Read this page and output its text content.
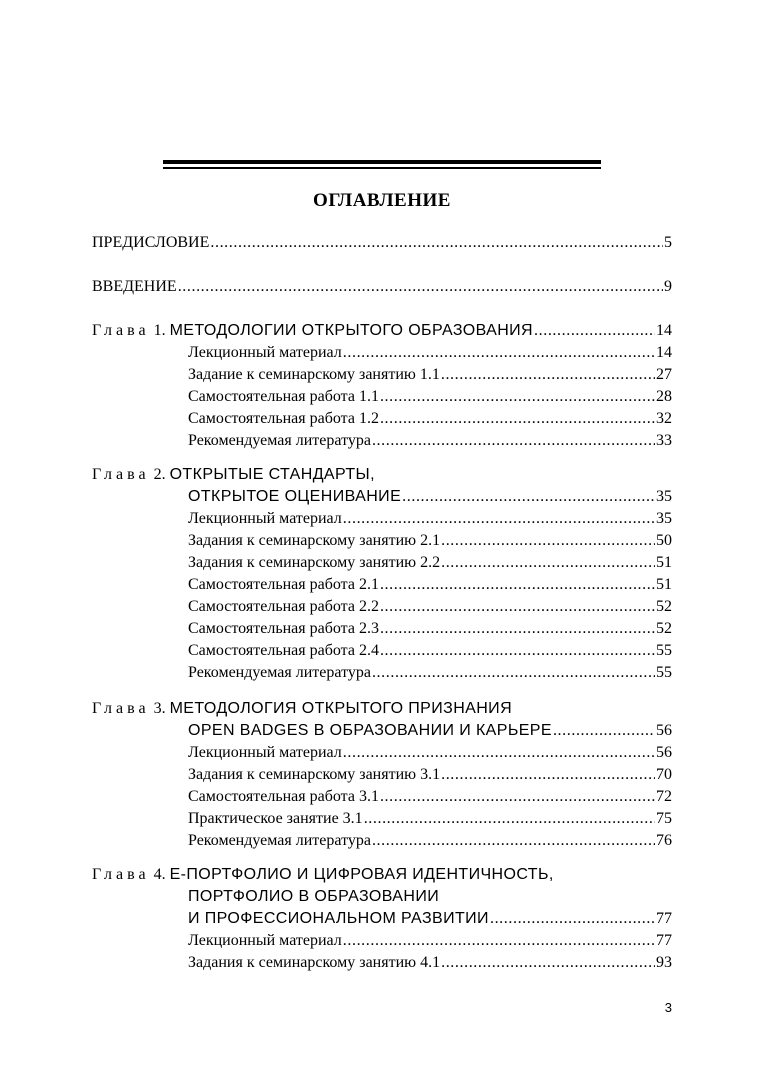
ОГЛАВЛЕНИЕ
ПРЕДИСЛОВИЕ .....	5
ВВЕДЕНИЕ .....	9
Глава 1. МЕТОДОЛОГИИ ОТКРЫТОГО ОБРАЗОВАНИЯ .....	14
Лекционный материал .....	14
Задание к семинарскому занятию 1.1 .....	27
Самостоятельная работа 1.1 .....	28
Самостоятельная работа 1.2 .....	32
Рекомендуемая литература .....	33
Глава 2. ОТКРЫТЫЕ СТАНДАРТЫ,
ОТКРЫТОЕ ОЦЕНИВАНИЕ .....	35
Лекционный материал .....	35
Задания к семинарскому занятию 2.1 .....	50
Задания к семинарскому занятию 2.2 .....	51
Самостоятельная работа 2.1 .....	51
Самостоятельная работа 2.2 .....	52
Самостоятельная работа 2.3 .....	52
Самостоятельная работа 2.4 .....	55
Рекомендуемая литература .....	55
Глава 3. МЕТОДОЛОГИЯ ОТКРЫТОГО ПРИЗНАНИЯ
OPEN BADGES В ОБРАЗОВАНИИ И КАРЬЕРЕ .....	56
Лекционный материал .....	56
Задания к семинарскому занятию 3.1 .....	70
Самостоятельная работа 3.1 .....	72
Практическое занятие 3.1 .....	75
Рекомендуемая литература .....	76
Глава 4. E-ПОРТФОЛИО И ЦИФРОВАЯ ИДЕНТИЧНОСТЬ,
ПОРТФОЛИО В ОБРАЗОВАНИИ
И ПРОФЕССИОНАЛЬНОМ РАЗВИТИИ .....	77
Лекционный материал .....	77
Задания к семинарскому занятию 4.1 .....	93
3
